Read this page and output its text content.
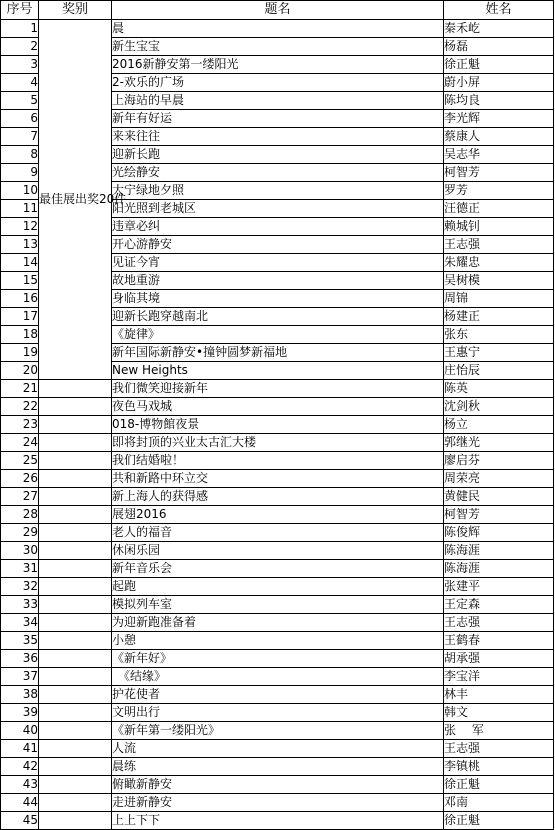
序号	奖别	题名	姓名
1	最佳展出奖20件	晨	秦禾屹
2		新生宝宝	杨磊
3		2016新静安第一缕阳光	徐正魁
4		2-欢乐的广场	蔚小屏
5		上海站的早晨	陈均良
6		新年有好运	李光辉
7		来来往往	蔡康人
8		迎新长跑	吴志华
9		光绘静安	柯智芳
10		大宁绿地夕照	罗芳
11		阳光照到老城区	汪德正
12		违章必纠	赖城钊
13		开心游静安	王志强
14		见证今宵	朱耀忠
15		故地重游	吴树模
16		身临其境	周锦
17		迎新长跑穿越南北	杨建正
18		《旋律》	张东
19		新年国际新静安•撞钟圆梦新福地	王惠宁
20		New Heights	庄怡辰
21		我们微笑迎接新年	陈英
22		夜色马戏城	沈剑秋
23		018-博物館夜景	杨立
24		即将封顶的兴业太古汇大楼	郭继光
25		我们结婚啦！	廖启芬
26		共和新路中环立交	周荣亮
27		新上海人的获得感	黄健民
28		展翅2016	柯智芳
29		老人的福音	陈俊辉
30		休闲乐园	陈海涯
31		新年音乐会	陈海涯
32		起跑	张建平
33		模拟列车室	王定森
34		为迎新跑准备着	王志强
35		小憩	王鹤春
36		《新年好》	胡承强
37		　《结缘》	李宝洋
38		护花使者	林丰
39		文明出行	韩文
40		《新年第一缕阳光》	张　 军
41		人流	王志强
42		晨练	李镇桃
43		俯瞰新静安	徐正魁
44		走进新静安	邓南
45		上上下下	徐正魁
